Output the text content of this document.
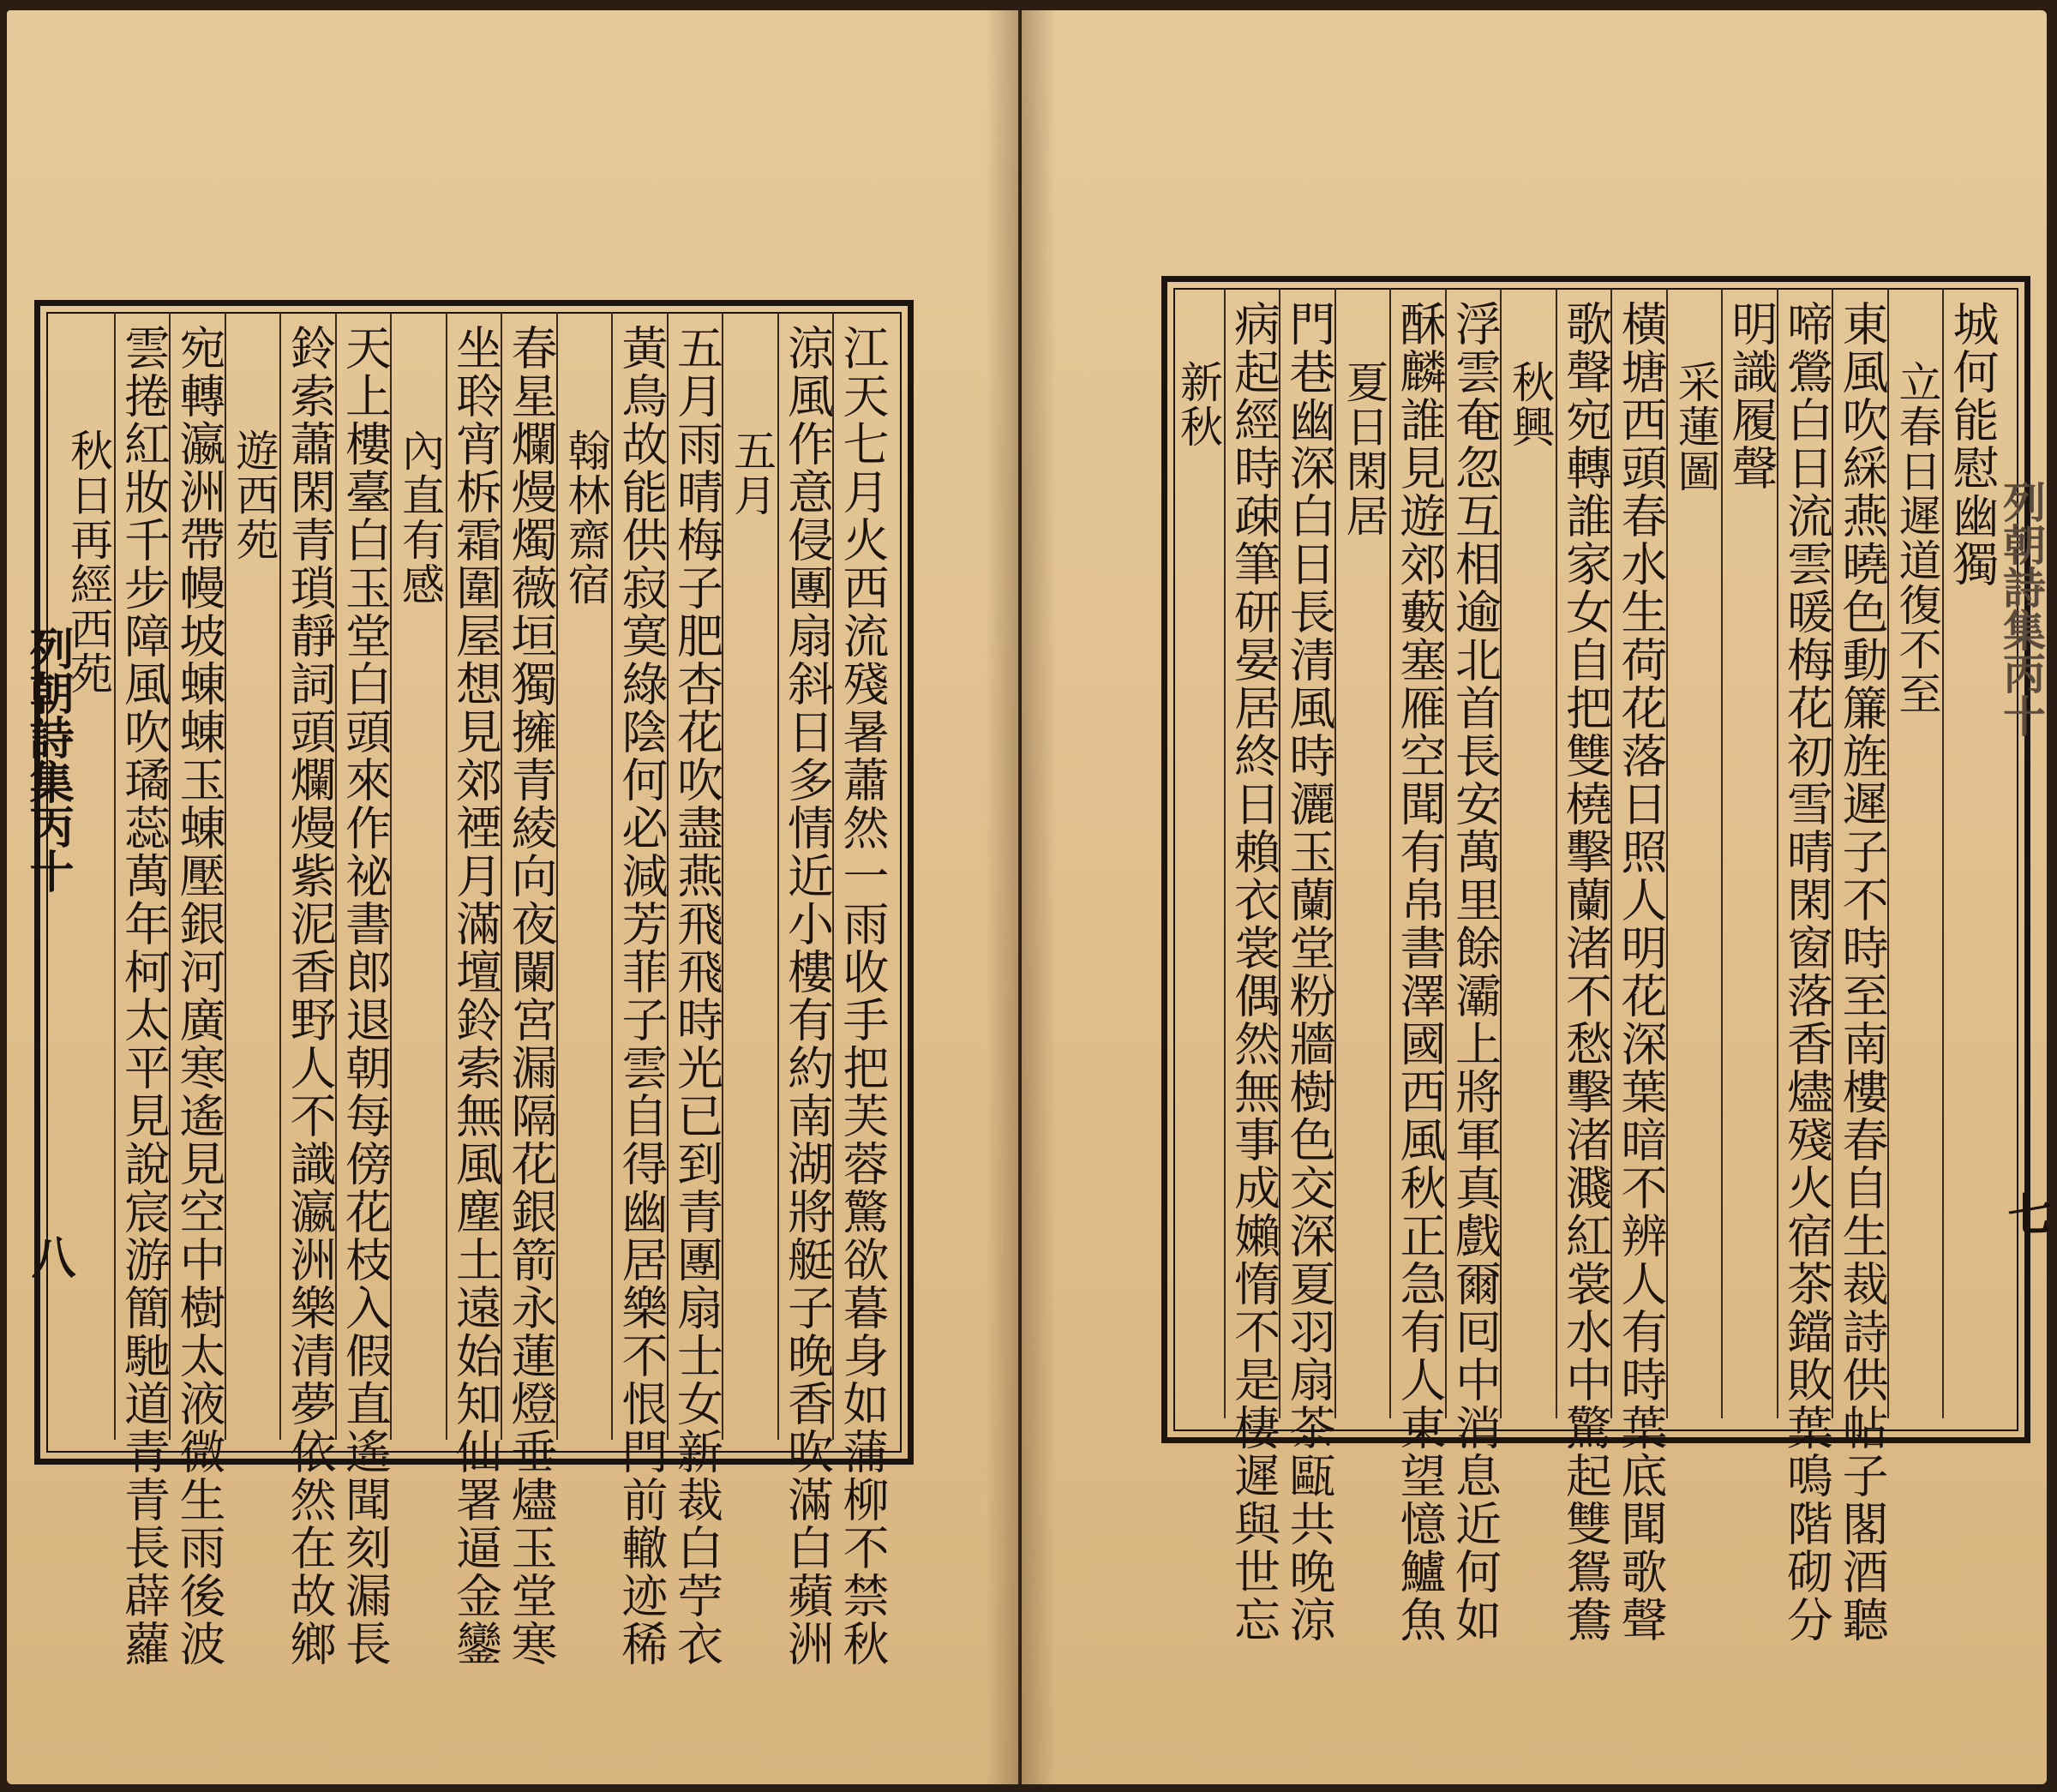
列朝詩集丙十
八
列朝詩集丙十
七
江天七月火西流殘暑蕭然一雨收手把芙蓉驚欲暮身如蒲柳不禁秋
涼風作意侵團扇斜日多情近小樓有約南湖將艇子晚香吹滿白蘋洲
五月
五月雨晴梅子肥杏花吹盡燕飛飛時光已到青團扇士女新裁白苧衣
黃鳥故能供寂寞綠陰何必減芳菲子雲自得幽居樂不恨門前轍迹稀
翰林齋宿
春星爛熳燭薇垣獨擁青綾向夜闌宮漏隔花銀箭永蓮燈垂燼玉堂寒
坐聆宵柝霜圍屋想見郊禋月滿壇鈴索無風塵土遠始知仙署逼金鑾
內直有感
天上樓臺白玉堂白頭來作祕書郎退朝每傍花枝入假直遙聞刻漏長
鈴索蕭閑青瑣靜詞頭爛熳紫泥香野人不識瀛洲樂清夢依然在故鄉
遊西苑
宛轉瀛洲帶幔坡蝀蝀玉蝀壓銀河廣寒遙見空中樹太液微生雨後波
雲捲紅妝千步障風吹璚蕊萬年柯太平見說宸游簡馳道青青長薜蘿
秋日再經西苑	城何能慰幽獨
立春日遲道復不至
東風吹綵燕曉色動簾旌遲子不時至南樓春自生裁詩供帖子閣酒聽
啼鶯白日流雲暖梅花初雪晴閑窗落香燼殘火宿茶鐺敗葉鳴階砌分
明識履聲
采蓮圖
橫塘西頭春水生荷花落日照人明花深葉暗不辨人有時葉底聞歌聲
歌聲宛轉誰家女自把雙橈擊蘭渚不愁擊渚濺紅裳水中驚起雙鴛鴦
秋興
浮雲奄忽互相逾北首長安萬里餘灞上將軍真戲爾囘中消息近何如
酥麟誰見遊郊藪塞雁空聞有帛書澤國西風秋正急有人東望憶鱸魚
夏日閑居
門巷幽深白日長清風時灑玉蘭堂粉牆樹色交深夏羽扇茶甌共晚涼
病起經時疎筆研晏居終日賴衣裳偶然無事成嬾惰不是棲遲與世忘
新秋
